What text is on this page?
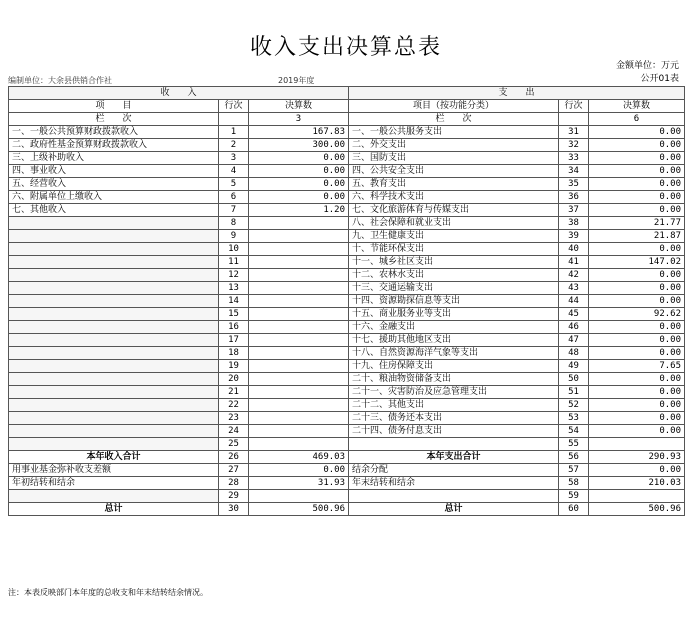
收入支出决算总表
金额单位：万元
公开01表
编制单位：大余县供销合作社	2019年度
收　　入			支　　出		
项　　目	行次	决算数	项目（按功能分类）	行次	决算数
栏　　次		3	栏　　次		6
一、一般公共预算财政拨款收入	1	167.83	一、一般公共服务支出	31	0.00
二、政府性基金预算财政拨款收入	2	300.00	二、外交支出	32	0.00
三、上级补助收入	3	0.00	三、国防支出	33	0.00
四、事业收入	4	0.00	四、公共安全支出	34	0.00
五、经营收入	5	0.00	五、教育支出	35	0.00
六、附属单位上缴收入	6	0.00	六、科学技术支出	36	0.00
七、其他收入	7	1.20	七、文化旅游体育与传媒支出	37	0.00
	8		八、社会保障和就业支出	38	21.77
	9		九、卫生健康支出	39	21.87
	10		十、节能环保支出	40	0.00
	11		十一、城乡社区支出	41	147.02
	12		十二、农林水支出	42	0.00
	13		十三、交通运输支出	43	0.00
	14		十四、资源勘探信息等支出	44	0.00
	15		十五、商业服务业等支出	45	92.62
	16		十六、金融支出	46	0.00
	17		十七、援助其他地区支出	47	0.00
	18		十八、自然资源海洋气象等支出	48	0.00
	19		十九、住房保障支出	49	7.65
	20		二十、粮油物资储备支出	50	0.00
	21		二十一、灾害防治及应急管理支出	51	0.00
	22		二十二、其他支出	52	0.00
	23		二十三、债务还本支出	53	0.00
	24		二十四、债务付息支出	54	0.00
	25			55	
本年收入合计	26	469.03	本年支出合计	56	290.93
用事业基金弥补收支差额	27	0.00	结余分配	57	0.00
年初结转和结余	28	31.93	年末结转和结余	58	210.03
	29			59	
总计	30	500.96	总计	60	500.96
注：本表反映部门本年度的总收支和年末结转结余情况。
